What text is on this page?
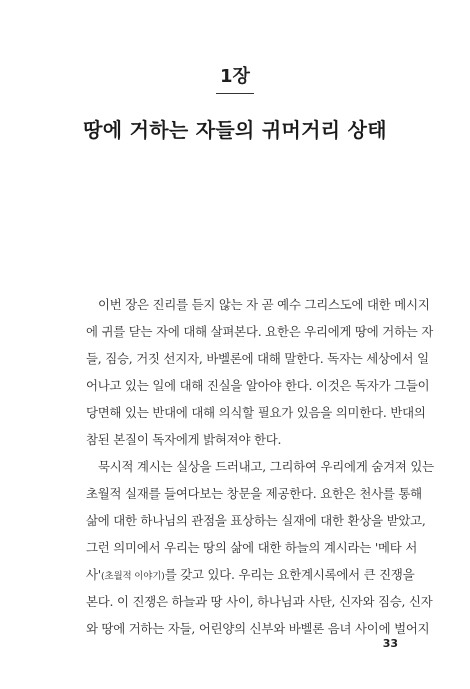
1장
땅에 거하는 자들의 귀머거리 상태
이번 장은 진리를 듣지 않는 자 곧 예수 그리스도에 대한 메시지
에 귀를 닫는 자에 대해 살펴본다. 요한은 우리에게 땅에 거하는 자
들, 짐승, 거짓 선지자, 바벨론에 대해 말한다. 독자는 세상에서 일
어나고 있는 일에 대해 진실을 알아야 한다. 이것은 독자가 그들이
당면해 있는 반대에 대해 의식할 필요가 있음을 의미한다. 반대의
참된 본질이 독자에게 밝혀져야 한다.
묵시적 계시는 실상을 드러내고, 그리하여 우리에게 숨겨져 있는
초월적 실재를 들여다보는 창문을 제공한다. 요한은 천사를 통해
삶에 대한 하나님의 관점을 표상하는 실재에 대한 환상을 받았고,
그런 의미에서 우리는 땅의 삶에 대한 하늘의 계시라는 '메타 서
사'(초월적 이야기)를 갖고 있다. 우리는 요한계시록에서 큰 진쟁을
본다. 이 진쟁은 하늘과 땅 사이, 하나님과 사탄, 신자와 짐승, 신자
와 땅에 거하는 자들, 어린양의 신부와 바벨론 음녀 사이에 벌어지
33
